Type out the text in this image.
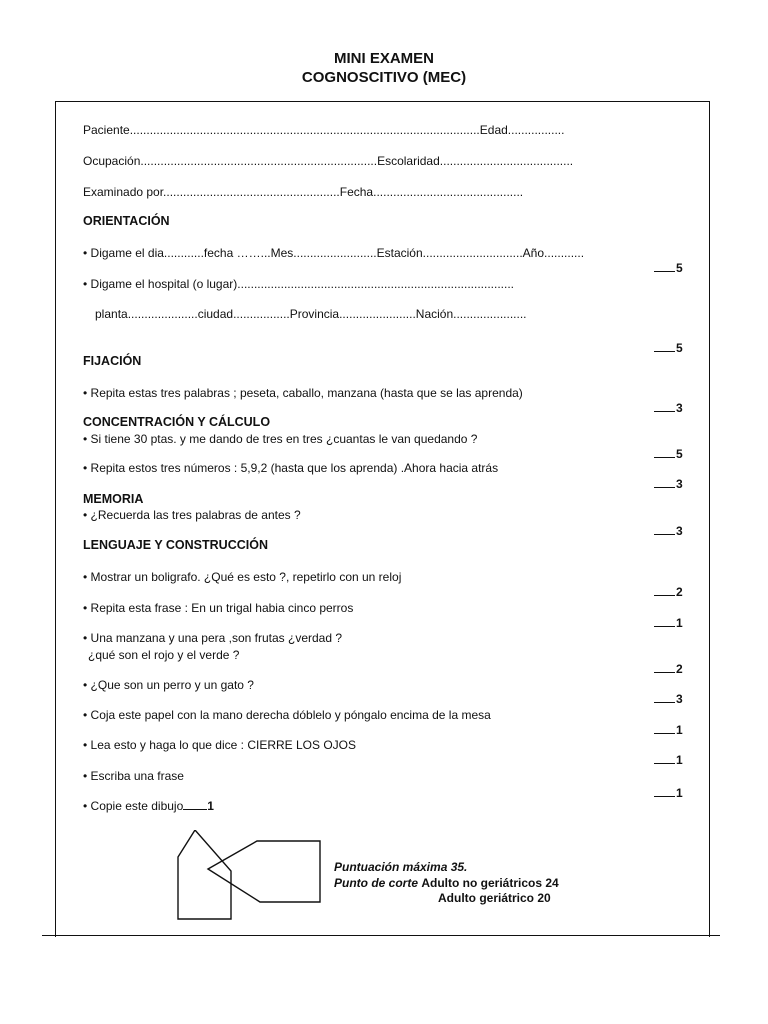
MINI EXAMEN
COGNOSCITIVO (MEC)
Paciente.........................................................................................................Edad.................
Ocupación.......................................................................Escolaridad........................................
Examinado por.....................................................Fecha.............................................
ORIENTACIÓN
• Digame el dia............fecha ……...Mes.........................Estación..............................Año............
5
• Digame el hospital (o lugar)...................................................................................
planta.....................ciudad.................Provincia.......................Nación......................
5
FIJACIÓN
• Repita estas tres palabras ; peseta, caballo, manzana (hasta que se las aprenda)
3
CONCENTRACIÓN Y CÁLCULO
• Si tiene 30 ptas. y me dando de tres en tres ¿cuantas le van quedando ?
5
• Repita estos tres números : 5,9,2 (hasta que los aprenda) .Ahora hacia atrás
3
MEMORIA
• ¿Recuerda las tres palabras de antes ?
3
LENGUAJE Y CONSTRUCCIÓN
• Mostrar un boligrafo. ¿Qué es esto ?, repetirlo con un reloj
2
• Repita esta frase : En un trigal habia cinco perros
1
• Una manzana y una pera ,son frutas ¿verdad ?
¿qué son el rojo y el verde ?
2
• ¿Que son un perro y un gato ?
3
• Coja este papel con la mano derecha dóblelo y póngalo encima de la mesa
1
• Lea esto y haga lo que dice : CIERRE LOS OJOS
1
• Escriba una frase
1
• Copie este dibujo 1
Puntuación máxima 35.
Punto de corte Adulto no geriátricos 24
Adulto geriátrico 20
